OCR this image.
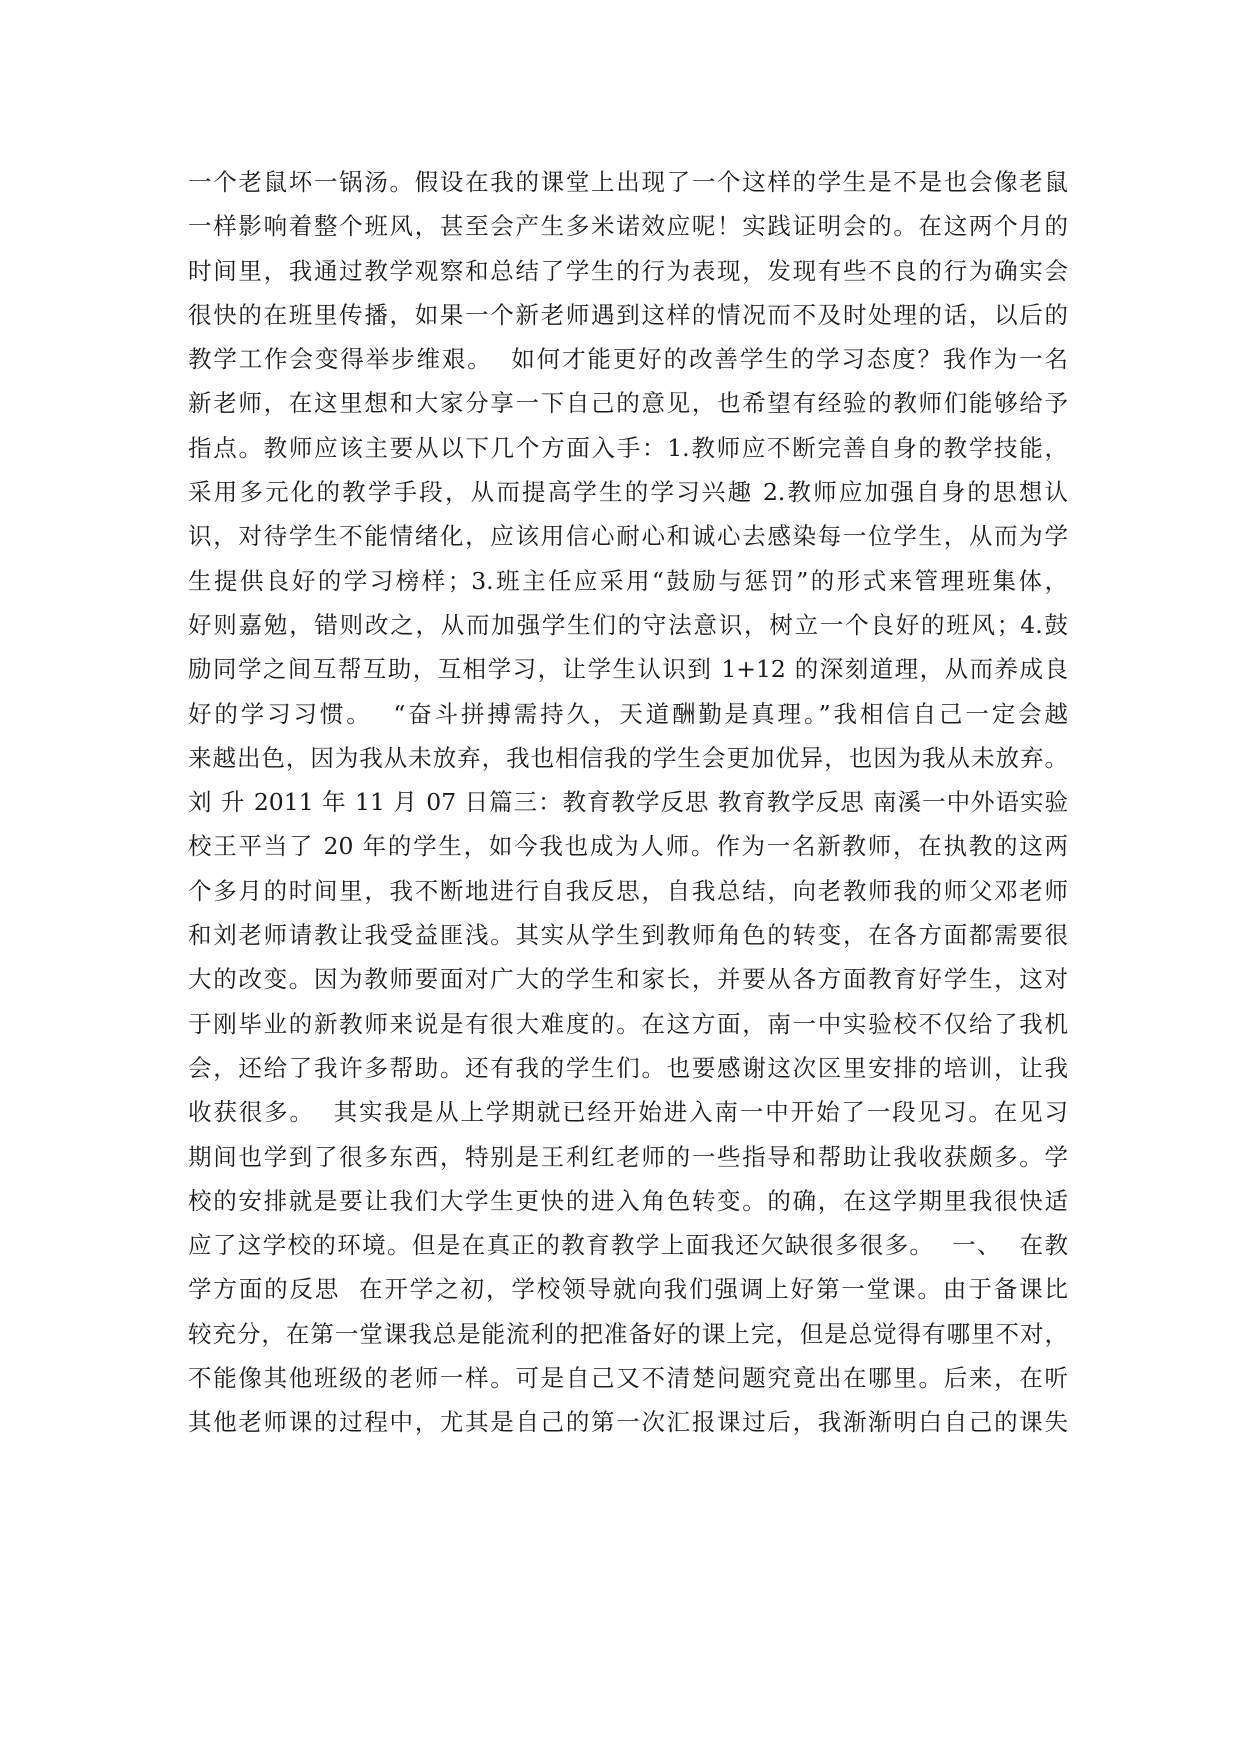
一个老鼠坏一锅汤。假设在我的课堂上出现了一个这样的学生是不是也会像老鼠
一样影响着整个班风，甚至会产生多米诺效应呢！实践证明会的。在这两个月的
时间里，我通过教学观察和总结了学生的行为表现，发现有些不良的行为确实会
很快的在班里传播，如果一个新老师遇到这样的情况而不及时处理的话，以后的
教学工作会变得举步维艰。  如何才能更好的改善学生的学习态度？我作为一名
新老师，在这里想和大家分享一下自己的意见，也希望有经验的教师们能够给予
指点。教师应该主要从以下几个方面入手：1.教师应不断完善自身的教学技能，
采用多元化的教学手段，从而提高学生的学习兴趣 2.教师应加强自身的思想认
识，对待学生不能情绪化，应该用信心耐心和诚心去感染每一位学生，从而为学
生提供良好的学习榜样；3.班主任应采用“鼓励与惩罚”的形式来管理班集体，
好则嘉勉，错则改之，从而加强学生们的守法意识，树立一个良好的班风；4.鼓
励同学之间互帮互助，互相学习，让学生认识到 1+12 的深刻道理，从而养成良
好的学习习惯。  “奋斗拼搏需持久，天道酬勤是真理。”我相信自己一定会越
来越出色，因为我从未放弃，我也相信我的学生会更加优异，也因为我从未放弃。
刘 升 2011 年 11 月 07 日篇三：教育教学反思 教育教学反思 南溪一中外语实验
校王平当了 20 年的学生，如今我也成为人师。作为一名新教师，在执教的这两
个多月的时间里，我不断地进行自我反思，自我总结，向老教师我的师父邓老师
和刘老师请教让我受益匪浅。其实从学生到教师角色的转变，在各方面都需要很
大的改变。因为教师要面对广大的学生和家长，并要从各方面教育好学生，这对
于刚毕业的新教师来说是有很大难度的。在这方面，南一中实验校不仅给了我机
会，还给了我许多帮助。还有我的学生们。也要感谢这次区里安排的培训，让我
收获很多。  其实我是从上学期就已经开始进入南一中开始了一段见习。在见习
期间也学到了很多东西，特别是王利红老师的一些指导和帮助让我收获颇多。学
校的安排就是要让我们大学生更快的进入角色转变。的确，在这学期里我很快适
应了这学校的环境。但是在真正的教育教学上面我还欠缺很多很多。  一、  在教
学方面的反思  在开学之初，学校领导就向我们强调上好第一堂课。由于备课比
较充分，在第一堂课我总是能流利的把准备好的课上完，但是总觉得有哪里不对，
不能像其他班级的老师一样。可是自己又不清楚问题究竟出在哪里。后来，在听
其他老师课的过程中，尤其是自己的第一次汇报课过后，我渐渐明白自己的课失
